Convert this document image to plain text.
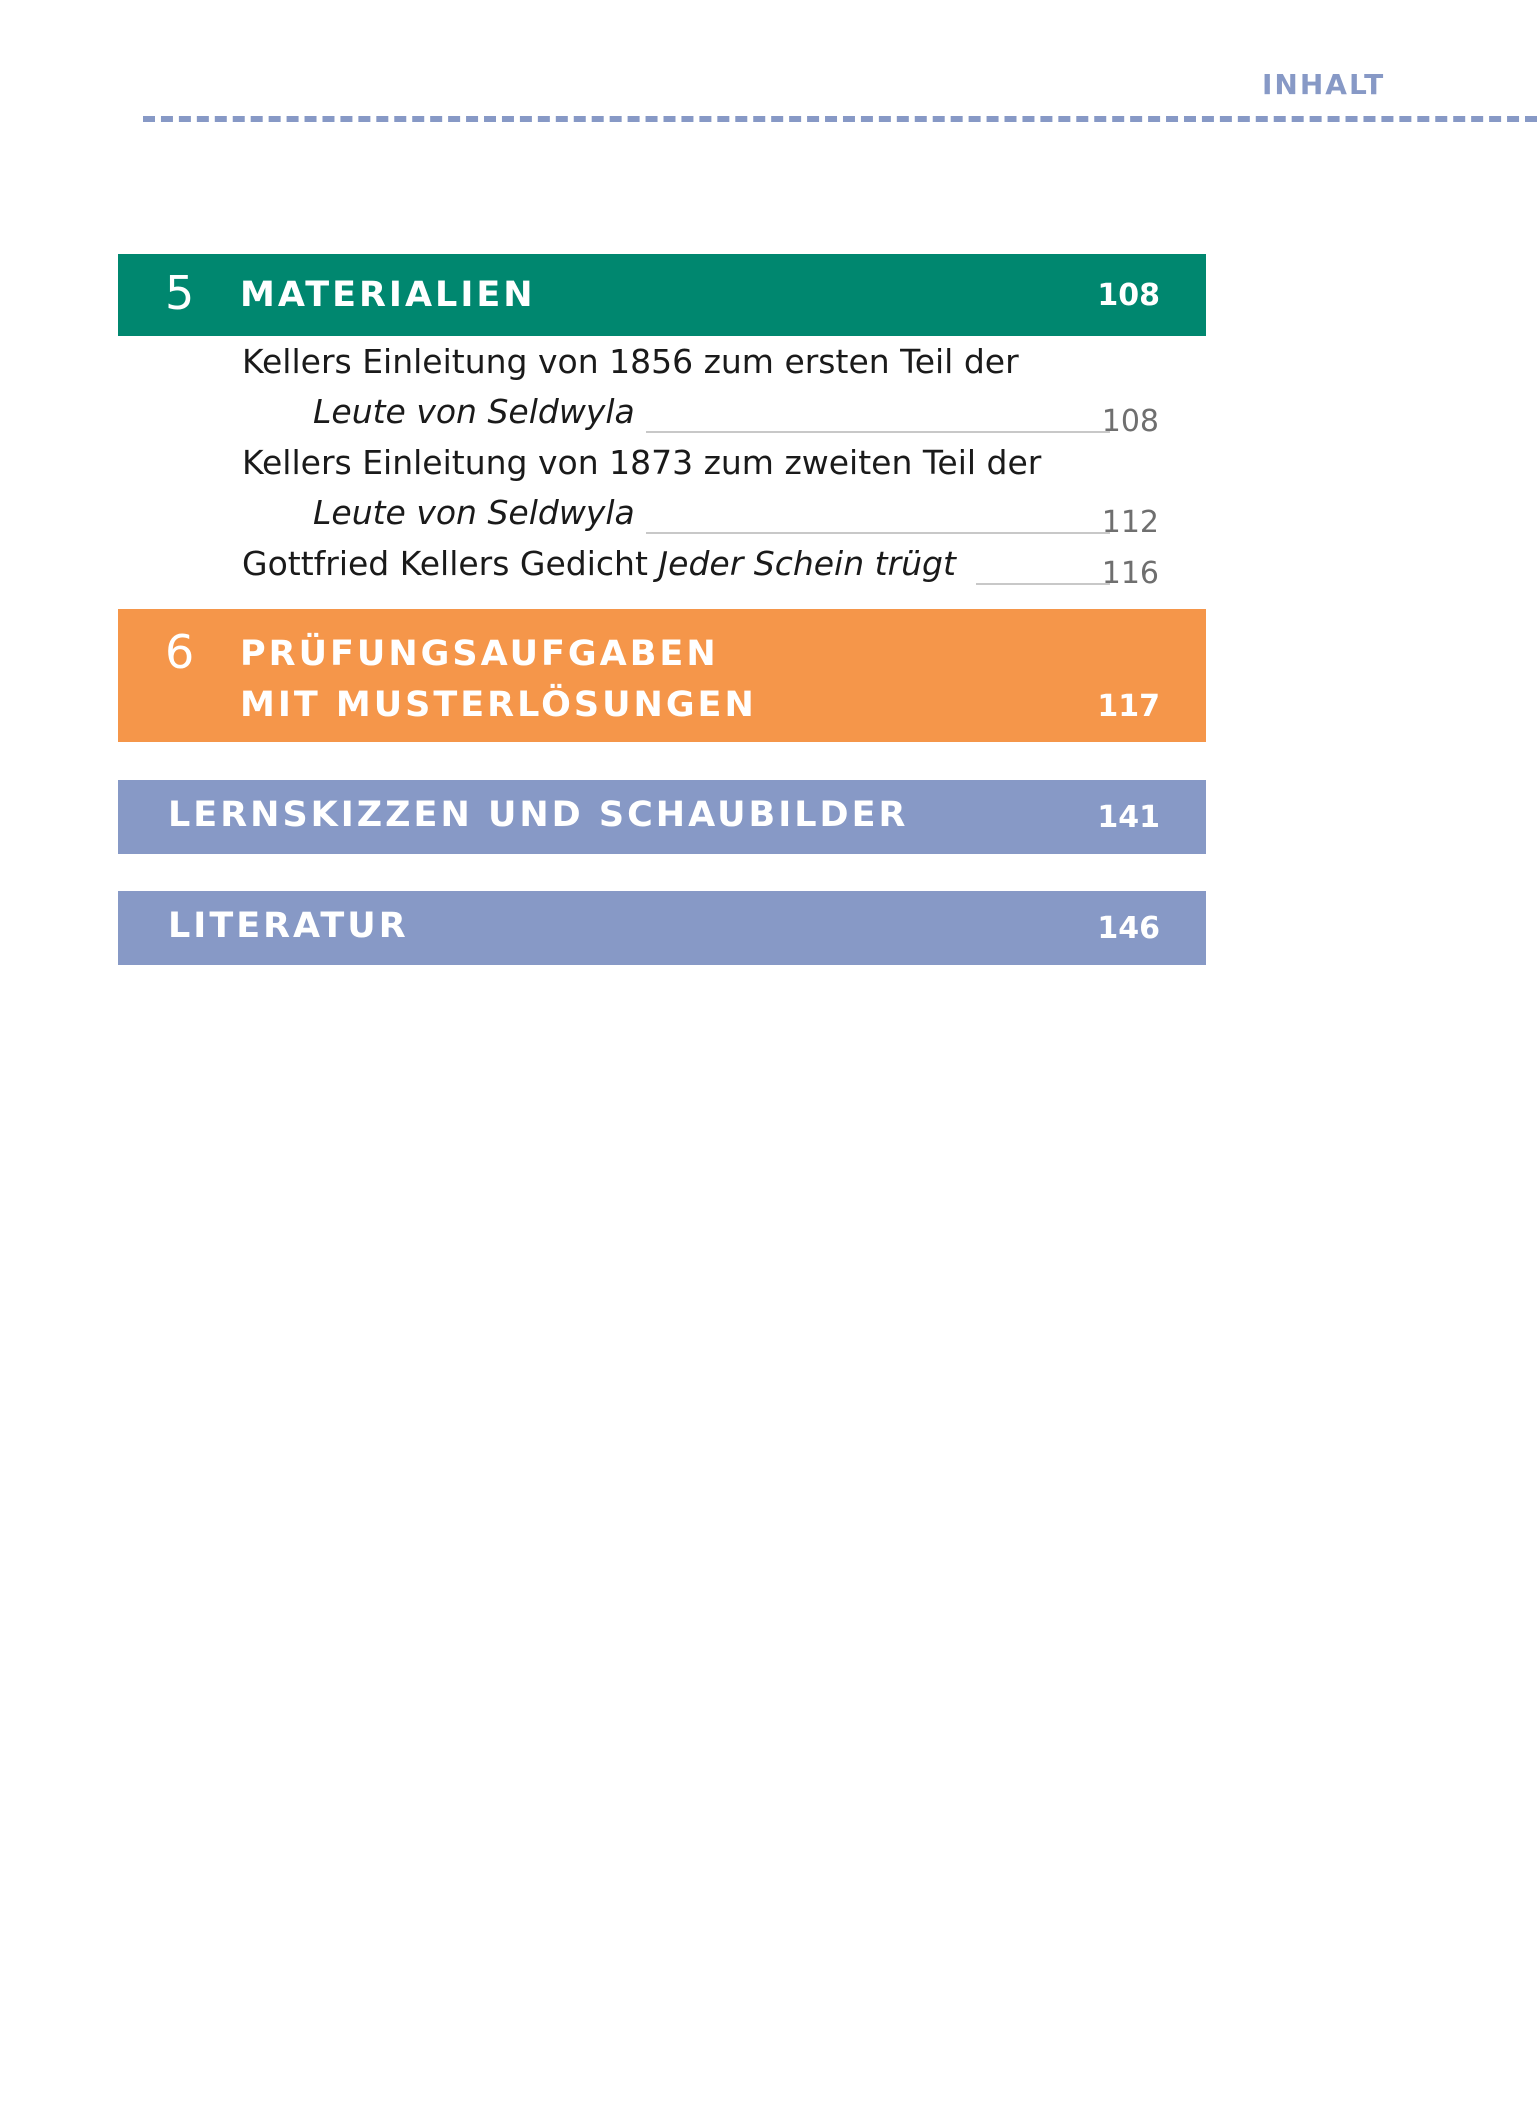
INHALT
5 MATERIALIEN	108
Kellers Einleitung von 1856 zum ersten Teil der
Leute von Seldwyla	108
Kellers Einleitung von 1873 zum zweiten Teil der
Leute von Seldwyla	112
Gottfried Kellers Gedicht Jeder Schein trügt	116
6 PRÜFUNGSAUFGABEN
MIT MUSTERLÖSUNGEN	117
LERNSKIZZEN UND SCHAUBILDER	141
LITERATUR	146
